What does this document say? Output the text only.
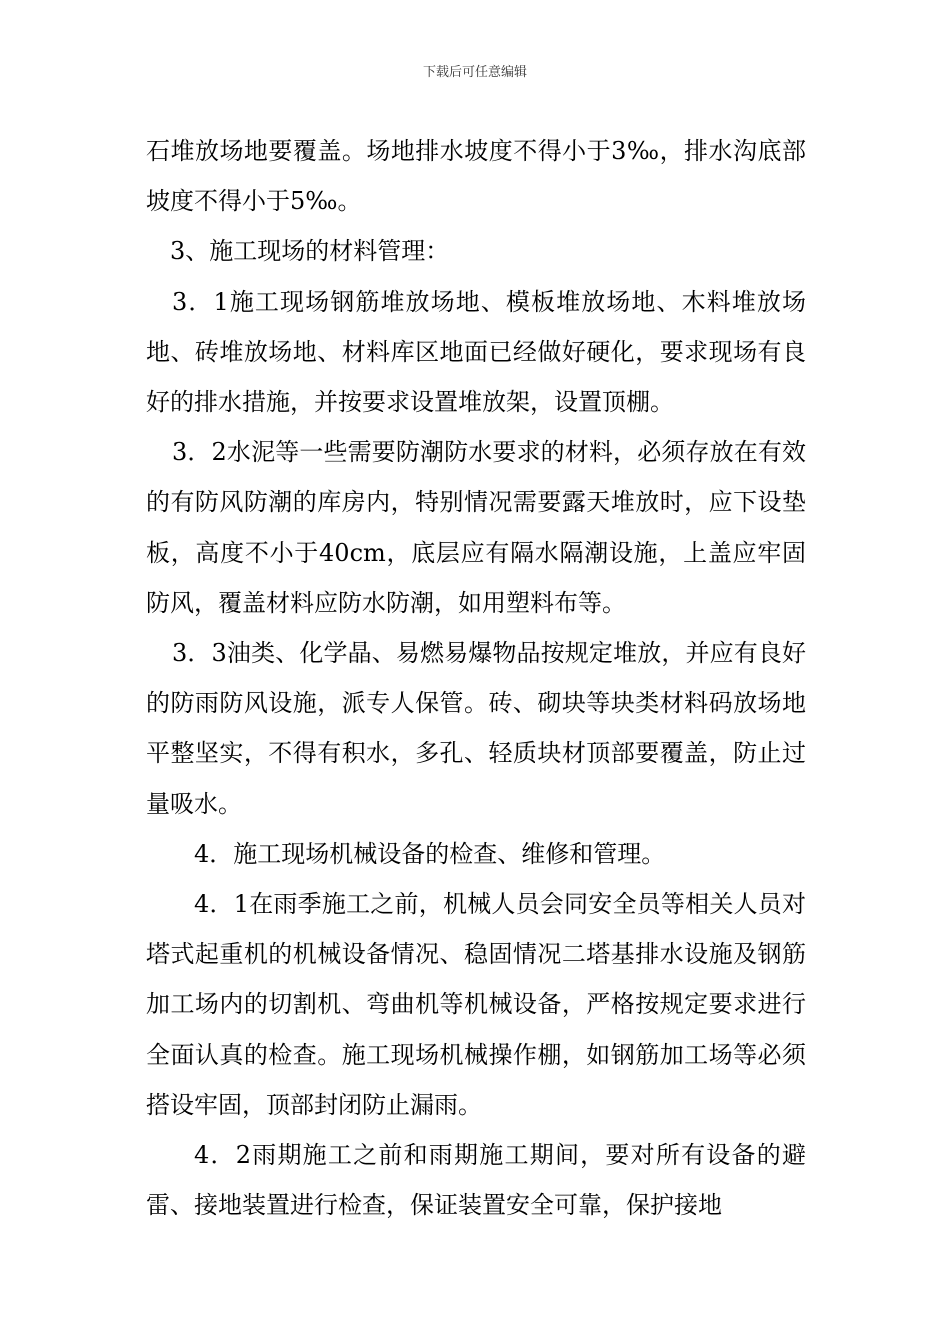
下载后可任意编辑

石堆放场地要覆盖。场地排水坡度不得小于3‰，排水沟底部坡度不得小于5‰。

3、施工现场的材料管理：

3．1施工现场钢筋堆放场地、模板堆放场地、木料堆放场地、砖堆放场地、材料库区地面已经做好硬化，要求现场有良好的排水措施，并按要求设置堆放架，设置顶棚。

3．2水泥等一些需要防潮防水要求的材料，必须存放在有效的有防风防潮的库房内，特别情况需要露天堆放时，应下设垫板，高度不小于40cm，底层应有隔水隔潮设施，上盖应牢固防风，覆盖材料应防水防潮，如用塑料布等。

3．3油类、化学晶、易燃易爆物品按规定堆放，并应有良好的防雨防风设施，派专人保管。砖、砌块等块类材料码放场地平整坚实，不得有积水，多孔、轻质块材顶部要覆盖，防止过量吸水。

4．施工现场机械设备的检查、维修和管理。

4．1在雨季施工之前，机械人员会同安全员等相关人员对塔式起重机的机械设备情况、稳固情况二塔基排水设施及钢筋加工场内的切割机、弯曲机等机械设备，严格按规定要求进行全面认真的检查。施工现场机械操作棚，如钢筋加工场等必须搭设牢固，顶部封闭防止漏雨。

4．2雨期施工之前和雨期施工期间，要对所有设备的避雷、接地装置进行检查，保证装置安全可靠，保护接地
